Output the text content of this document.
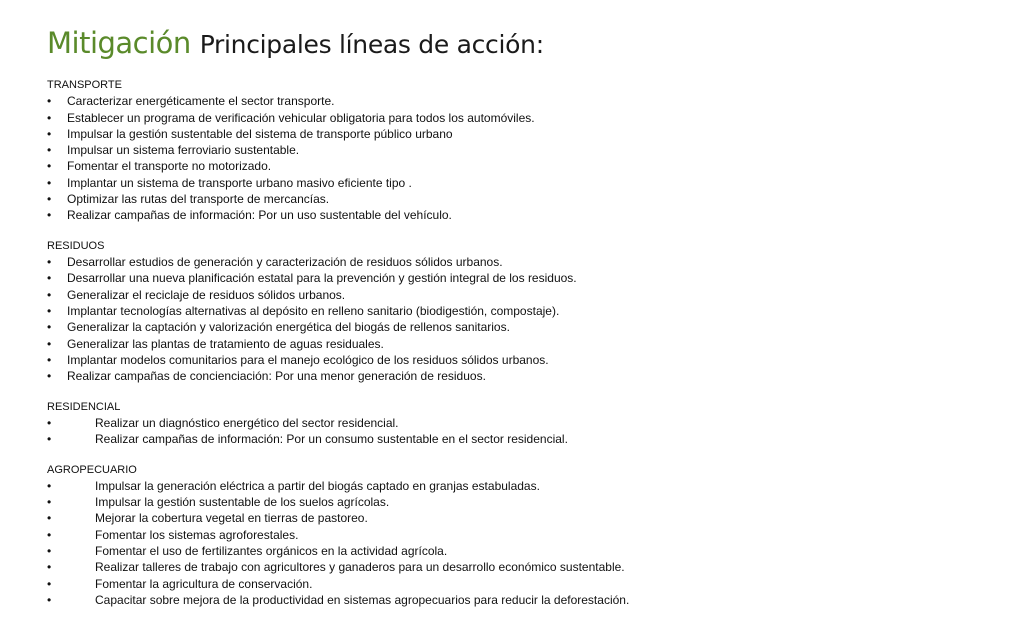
Mitigación Principales líneas de acción:
TRANSPORTE
• Caracterizar energéticamente el sector transporte.
• Establecer un programa de verificación vehicular obligatoria para todos los automóviles.
• Impulsar la gestión sustentable del sistema de transporte público urbano
• Impulsar un sistema ferroviario sustentable.
• Fomentar el transporte no motorizado.
• Implantar un sistema de transporte urbano masivo eficiente tipo .
• Optimizar las rutas del transporte de mercancías.
• Realizar campañas de información: Por un uso sustentable del vehículo.
RESIDUOS
• Desarrollar estudios de generación y caracterización de residuos sólidos urbanos.
• Desarrollar una nueva planificación estatal para la prevención y gestión integral de los residuos.
• Generalizar el reciclaje de residuos sólidos urbanos.
• Implantar tecnologías alternativas al depósito en relleno sanitario (biodigestión, compostaje).
• Generalizar la captación y valorización energética del biogás de rellenos sanitarios.
• Generalizar las plantas de tratamiento de aguas residuales.
• Implantar modelos comunitarios para el manejo ecológico de los residuos sólidos urbanos.
• Realizar campañas de concienciación: Por una menor generación de residuos.
RESIDENCIAL
•	Realizar un diagnóstico energético del sector residencial.
•	Realizar campañas de información: Por un consumo sustentable en el sector residencial.
AGROPECUARIO
•	Impulsar la generación eléctrica a partir del biogás captado en granjas estabuladas.
•	Impulsar la gestión sustentable de los suelos agrícolas.
•	Mejorar la cobertura vegetal en tierras de pastoreo.
•	Fomentar los sistemas agroforestales.
•	Fomentar el uso de fertilizantes orgánicos en la actividad agrícola.
•	Realizar talleres de trabajo con agricultores y ganaderos para un desarrollo económico sustentable.
•	Fomentar la agricultura de conservación.
•	Capacitar sobre mejora de la productividad en sistemas agropecuarios para reducir la deforestación.
